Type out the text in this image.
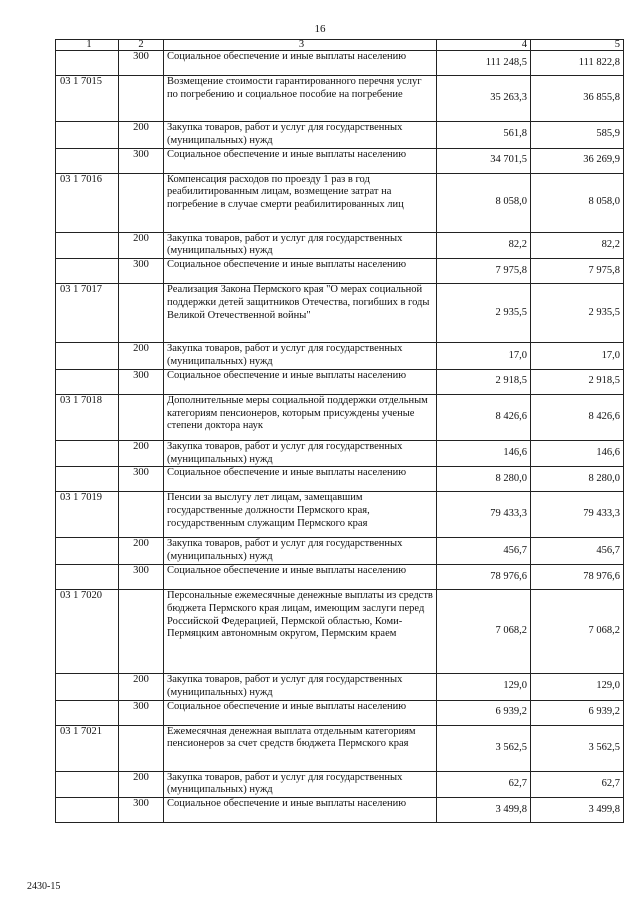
16
1	2	3	4	5
	300	Социальное обеспечение и иные выплаты населению	111 248,5	111 822,8
03 1 7015		Возмещение стоимости гарантированного перечня услуг по погребению и социальное пособие на погребение	35 263,3	36 855,8
	200	Закупка товаров, работ и услуг для государственных (муниципальных) нужд	561,8	585,9
	300	Социальное обеспечение и иные выплаты населению	34 701,5	36 269,9
03 1 7016		Компенсация расходов по проезду 1 раз в год реабилитированным лицам, возмещение затрат на погребение в случае смерти реабилитированных лиц	8 058,0	8 058,0
	200	Закупка товаров, работ и услуг для государственных (муниципальных) нужд	82,2	82,2
	300	Социальное обеспечение и иные выплаты населению	7 975,8	7 975,8
03 1 7017		Реализация Закона Пермского края "О мерах социальной поддержки детей защитников Отечества, погибших в годы Великой Отечественной войны"	2 935,5	2 935,5
	200	Закупка товаров, работ и услуг для государственных (муниципальных) нужд	17,0	17,0
	300	Социальное обеспечение и иные выплаты населению	2 918,5	2 918,5
03 1 7018		Дополнительные меры социальной поддержки отдельным категориям пенсионеров, которым присуждены ученые степени доктора наук	8 426,6	8 426,6
	200	Закупка товаров, работ и услуг для государственных (муниципальных) нужд	146,6	146,6
	300	Социальное обеспечение и иные выплаты населению	8 280,0	8 280,0
03 1 7019		Пенсии за выслугу лет лицам, замещавшим государственные должности Пермского края, государственным служащим Пермского края	79 433,3	79 433,3
	200	Закупка товаров, работ и услуг для государственных (муниципальных) нужд	456,7	456,7
	300	Социальное обеспечение и иные выплаты населению	78 976,6	78 976,6
03 1 7020		Персональные ежемесячные денежные выплаты из средств бюджета Пермского края лицам, имеющим заслуги перед Российской Федерацией, Пермской областью, Коми-Пермяцким автономным округом, Пермским краем	7 068,2	7 068,2
	200	Закупка товаров, работ и услуг для государственных (муниципальных) нужд	129,0	129,0
	300	Социальное обеспечение и иные выплаты населению	6 939,2	6 939,2
03 1 7021		Ежемесячная денежная выплата отдельным категориям пенсионеров за счет средств бюджета Пермского края	3 562,5	3 562,5
	200	Закупка товаров, работ и услуг для государственных (муниципальных) нужд	62,7	62,7
	300	Социальное обеспечение и иные выплаты населению	3 499,8	3 499,8
2430-15
